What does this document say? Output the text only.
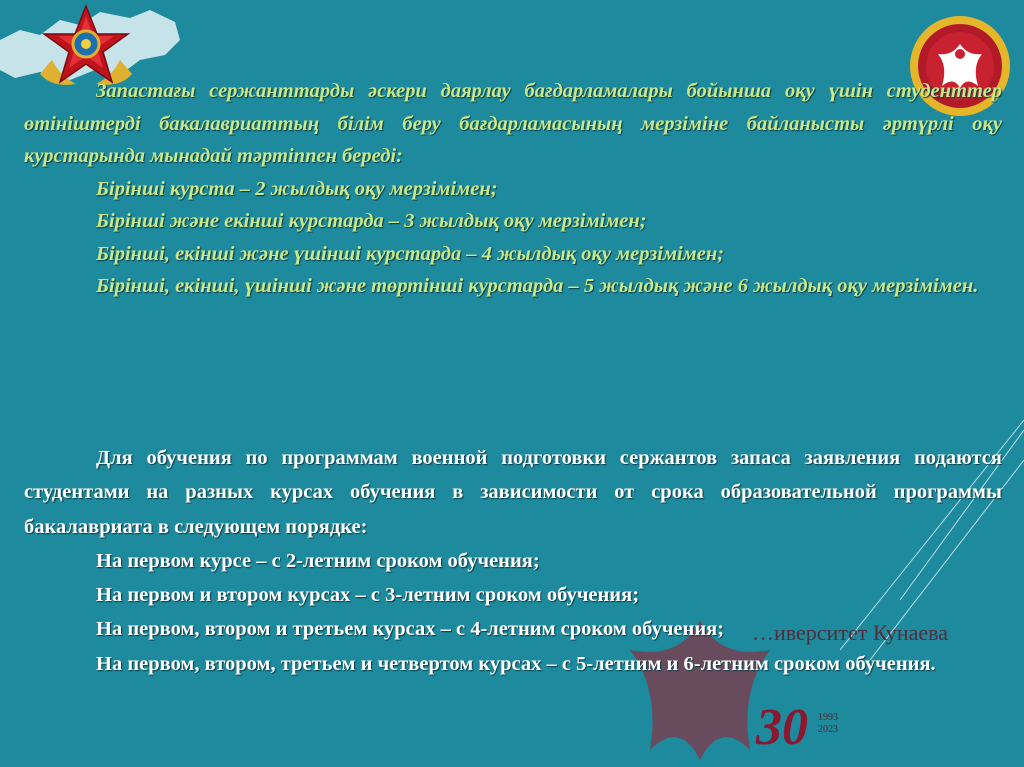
…иверситет Кунаева
30 1993
2023

Запастағы сержанттарды әскери даярлау бағдарламалары бойынша оқу үшін студенттер өтініштерді бакалавриаттың білім беру бағдарламасының мерзіміне байланысты әртүрлі оқу курстарында мынадай тәртіппен береді:

Бірінші курста – 2 жылдық оқу мерзімімен;

Бірінші және екінші курстарда – 3 жылдық оқу мерзімімен;

Бірінші, екінші және үшінші курстарда – 4 жылдық оқу мерзімімен;

Бірінші, екінші, үшінші және төртінші курстарда – 5 жылдық және 6 жылдық оқу мерзімімен.

Для обучения по программам военной подготовки сержантов запаса заявления подаются студентами на разных курсах обучения в зависимости от срока образовательной программы бакалавриата в следующем порядке:

На первом курсе – с 2-летним сроком обучения;

На первом и втором курсах – с 3-летним сроком обучения;

На первом, втором и третьем курсах – с 4-летним сроком обучения;

На первом, втором, третьем и четвертом курсах – с 5-летним и 6-летним сроком обучения.
